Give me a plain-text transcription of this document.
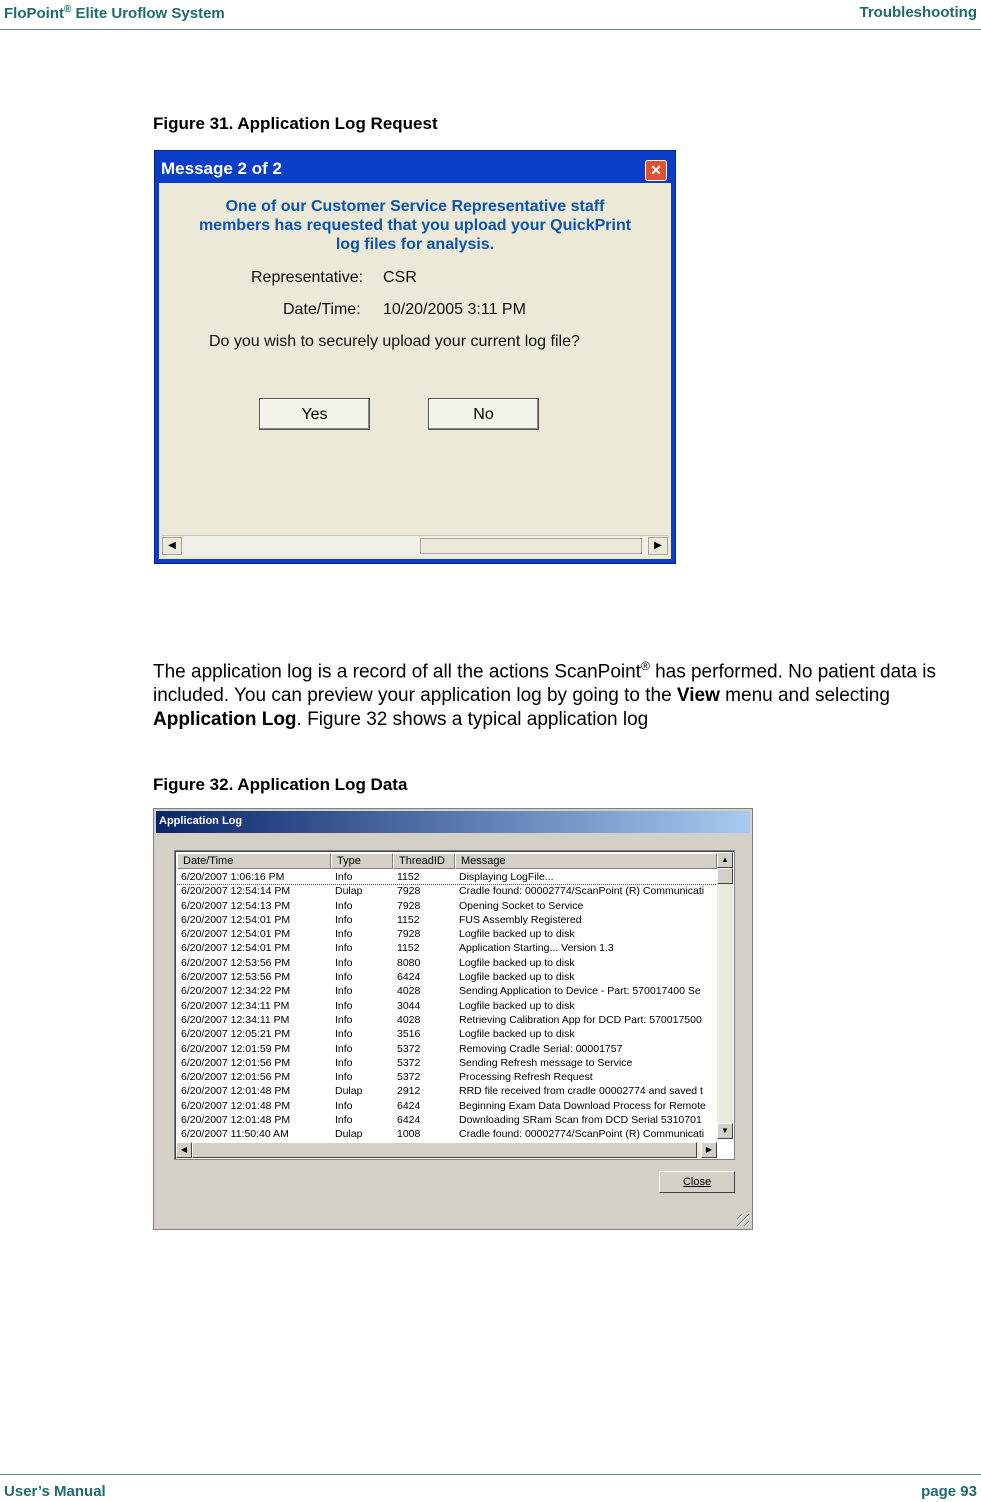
FloPoint® Elite Uroflow System	Troubleshooting
Figure 31. Application Log Request
Message 2 of 2	✕
One of our Customer Service Representative staff
members has requested that you upload your QuickPrint
log files for analysis.
Representative: CSR
Date/Time: 10/20/2005 3:11 PM
Do you wish to securely upload your current log file?
Yes	No
◀	▶
The application log is a record of all the actions ScanPoint® has performed. No patient data is included. You can preview your application log by going to the View menu and selecting Application Log. Figure 32 shows a typical application log
Figure 32. Application Log Data
Application Log
Date/Time	Type	ThreadID	Message
6/20/2007 1:06:16 PM	Info	1152	Displaying LogFile...
6/20/2007 12:54:14 PM	Dulap	7928	Cradle found: 00002774/ScanPoint (R) Communicati
6/20/2007 12:54:13 PM	Info	7928	Opening Socket to Service
6/20/2007 12:54:01 PM	Info	1152	FUS Assembly Registered
6/20/2007 12:54:01 PM	Info	7928	Logfile backed up to disk
6/20/2007 12:54:01 PM	Info	1152	Application Starting... Version 1.3
6/20/2007 12:53:56 PM	Info	8080	Logfile backed up to disk
6/20/2007 12:53:56 PM	Info	6424	Logfile backed up to disk
6/20/2007 12:34:22 PM	Info	4028	Sending Application to Device - Part: 570017400 Se
6/20/2007 12:34:11 PM	Info	3044	Logfile backed up to disk
6/20/2007 12:34:11 PM	Info	4028	Retrieving Calibration App for DCD Part: 570017500
6/20/2007 12:05:21 PM	Info	3516	Logfile backed up to disk
6/20/2007 12:01:59 PM	Info	5372	Removing Cradle Serial: 00001757
6/20/2007 12:01:56 PM	Info	5372	Sending Refresh message to Service
6/20/2007 12:01:56 PM	Info	5372	Processing Refresh Request
6/20/2007 12:01:48 PM	Dulap	2912	RRD file received from cradle 00002774 and saved t
6/20/2007 12:01:48 PM	Info	6424	Beginning Exam Data Download Process for Remote
6/20/2007 12:01:48 PM	Info	6424	Downloading SRam Scan from DCD Serial 5310701
6/20/2007 11:50:40 AM	Dulap	1008	Cradle found: 00002774/ScanPoint (R) Communicati
▲
▼
◀	▶
Close
User’s Manual	page 93
